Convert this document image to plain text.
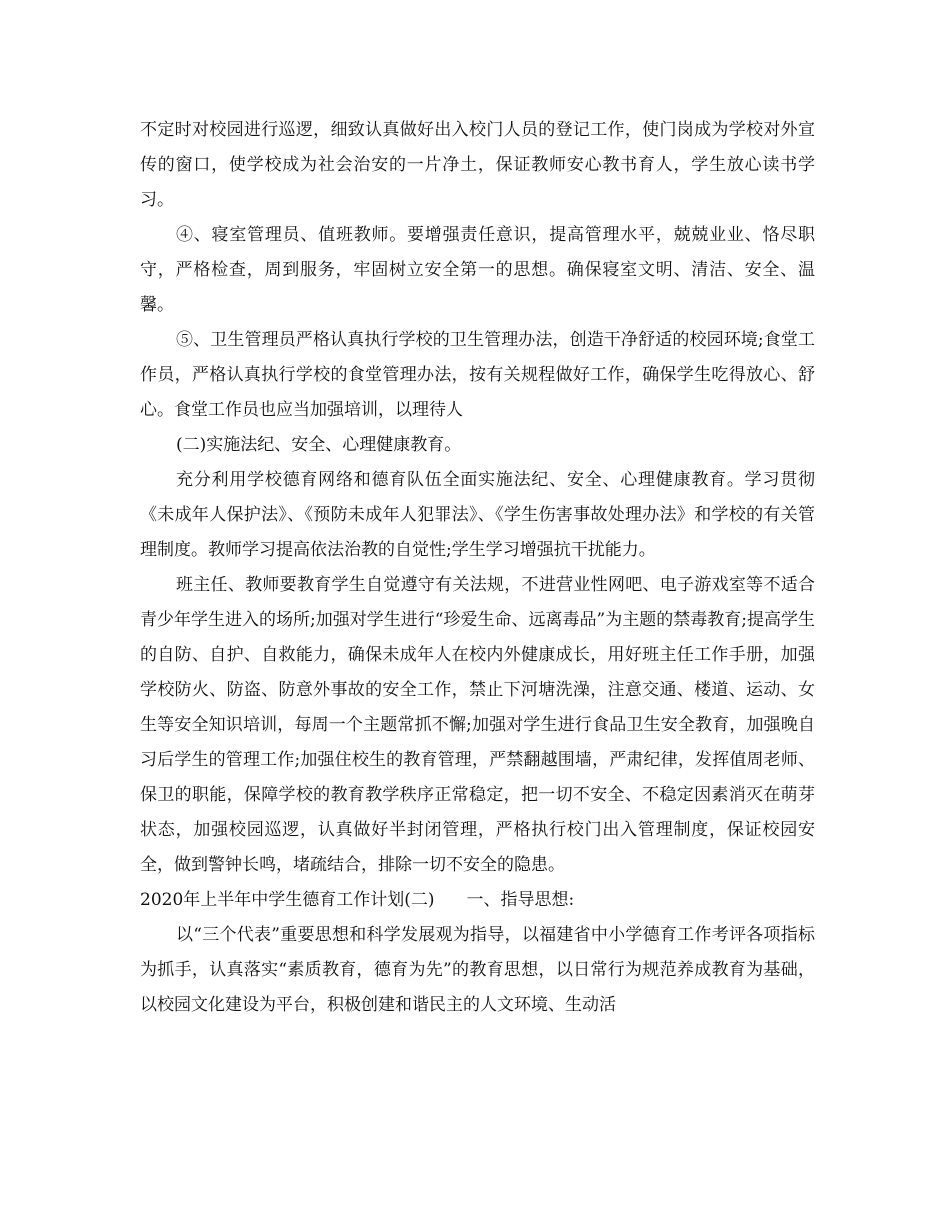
不定时对校园进行巡逻，细致认真做好出入校门人员的登记工作，使门岗成为学校对外宣传的窗口，使学校成为社会治安的一片净土，保证教师安心教书育人，学生放心读书学习。

④、寝室管理员、值班教师。要增强责任意识，提高管理水平，兢兢业业、恪尽职守，严格检查，周到服务，牢固树立安全第一的思想。确保寝室文明、清洁、安全、温馨。

⑤、卫生管理员严格认真执行学校的卫生管理办法，创造干净舒适的校园环境;食堂工作员，严格认真执行学校的食堂管理办法，按有关规程做好工作，确保学生吃得放心、舒心。食堂工作员也应当加强培训，以理待人

(二)实施法纪、安全、心理健康教育。

充分利用学校德育网络和德育队伍全面实施法纪、安全、心理健康教育。学习贯彻《未成年人保护法》、《预防未成年人犯罪法》、《学生伤害事故处理办法》和学校的有关管理制度。教师学习提高依法治教的自觉性;学生学习增强抗干扰能力。

班主任、教师要教育学生自觉遵守有关法规，不进营业性网吧、电子游戏室等不适合青少年学生进入的场所;加强对学生进行“珍爱生命、远离毒品”为主题的禁毒教育;提高学生的自防、自护、自救能力，确保未成年人在校内外健康成长，用好班主任工作手册，加强学校防火、防盗、防意外事故的安全工作，禁止下河塘洗澡，注意交通、楼道、运动、女生等安全知识培训，每周一个主题常抓不懈;加强对学生进行食品卫生安全教育，加强晚自习后学生的管理工作;加强住校生的教育管理，严禁翻越围墙，严肃纪律，发挥值周老师、保卫的职能，保障学校的教育教学秩序正常稳定，把一切不安全、不稳定因素消灭在萌芽状态，加强校园巡逻，认真做好半封闭管理，严格执行校门出入管理制度，保证校园安全，做到警钟长鸣，堵疏结合，排除一切不安全的隐患。

2020年上半年中学生德育工作计划(二) 一、指导思想:

以“三个代表”重要思想和科学发展观为指导，以福建省中小学德育工作考评各项指标为抓手，认真落实“素质教育，德育为先”的教育思想，以日常行为规范养成教育为基础，以校园文化建设为平台，积极创建和谐民主的人文环境、生动活
